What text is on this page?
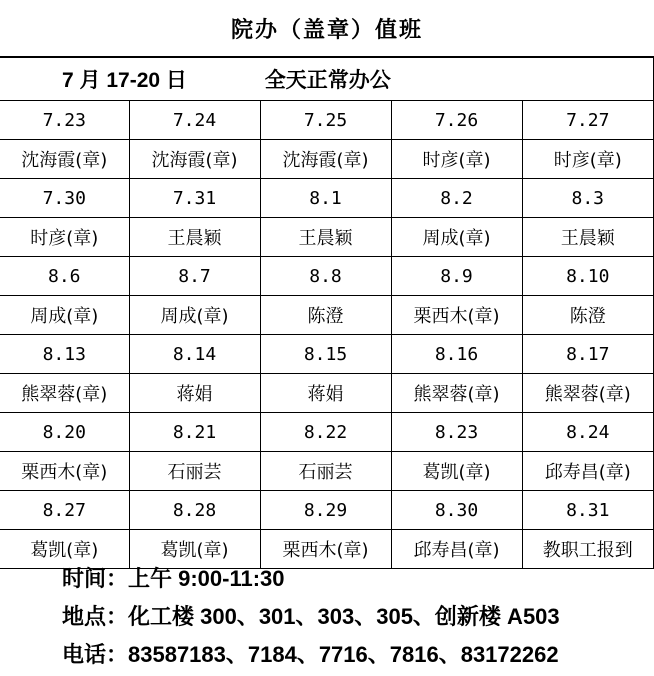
院办（盖章）值班
7 月 17-20 日 全天正常办公				
7.23	7.24	7.25	7.26	7.27
沈海霞(章)	沈海霞(章)	沈海霞(章)	时彦(章)	时彦(章)
7.30	7.31	8.1	8.2	8.3
时彦(章)	王晨颖	王晨颖	周成(章)	王晨颖
8.6	8.7	8.8	8.9	8.10
周成(章)	周成(章)	陈澄	栗西木(章)	陈澄
8.13	8.14	8.15	8.16	8.17
熊翠蓉(章)	蒋娟	蒋娟	熊翠蓉(章)	熊翠蓉(章)
8.20	8.21	8.22	8.23	8.24
栗西木(章)	石丽芸	石丽芸	葛凯(章)	邱寿昌(章)
8.27	8.28	8.29	8.30	8.31
葛凯(章)	葛凯(章)	栗西木(章)	邱寿昌(章)	教职工报到
时间：上午 9:00-11:30
地点：化工楼 300、301、303、305、创新楼 A503
电话：83587183、7184、7716、7816、83172262
